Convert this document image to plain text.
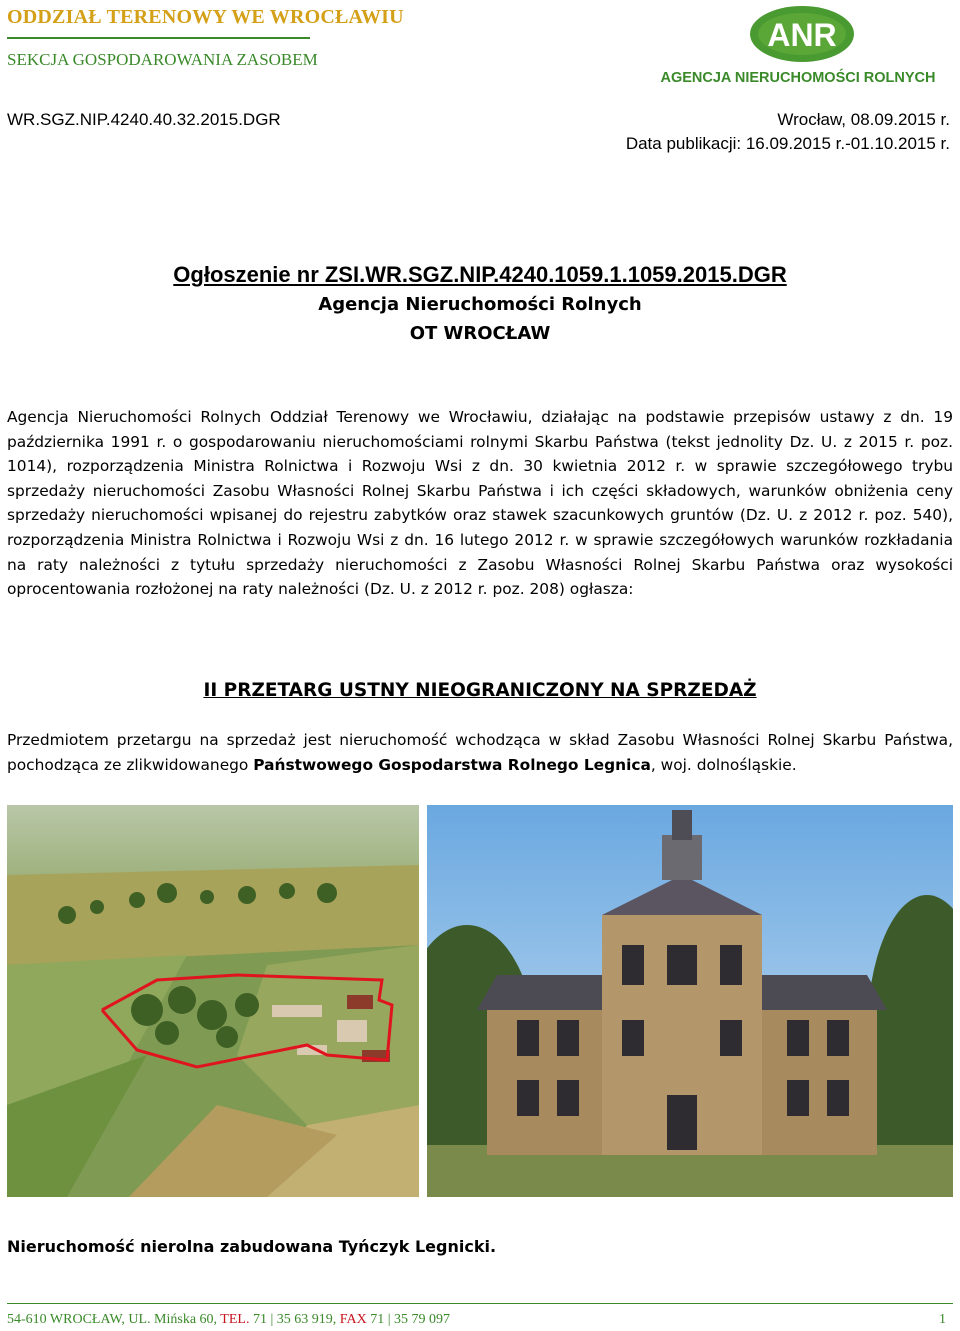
ODDZIAŁ TERENOWY WE WROCŁAWIU
SEKCJA GOSPODAROWANIA ZASOBEM
ANR
AGENCJA NIERUCHOMOŚCI ROLNYCH
WR.SGZ.NIP.4240.40.32.2015.DGR	Wrocław, 08.09.2015 r.
Data publikacji: 16.09.2015 r.-01.10.2015 r.
Ogłoszenie nr ZSI.WR.SGZ.NIP.4240.1059.1.1059.2015.DGR
Agencja Nieruchomości Rolnych
OT WROCŁAW
Agencja Nieruchomości Rolnych Oddział Terenowy we Wrocławiu, działając na podstawie przepisów ustawy z dn. 19 października 1991 r. o gospodarowaniu nieruchomościami rolnymi Skarbu Państwa (tekst jednolity Dz. U. z 2015 r. poz. 1014), rozporządzenia Ministra Rolnictwa i Rozwoju Wsi z dn. 30 kwietnia 2012 r. w sprawie szczegółowego trybu sprzedaży nieruchomości Zasobu Własności Rolnej Skarbu Państwa i ich części składowych, warunków obniżenia ceny sprzedaży nieruchomości wpisanej do rejestru zabytków oraz stawek szacunkowych gruntów (Dz. U. z 2012 r. poz. 540), rozporządzenia Ministra Rolnictwa i Rozwoju Wsi z dn. 16 lutego 2012 r. w sprawie szczegółowych warunków rozkładania na raty należności z tytułu sprzedaży nieruchomości z Zasobu Własności Rolnej Skarbu Państwa oraz wysokości oprocentowania rozłożonej na raty należności (Dz. U. z 2012 r. poz. 208) ogłasza:
II PRZETARG USTNY NIEOGRANICZONY NA SPRZEDAŻ
Przedmiotem przetargu na sprzedaż jest nieruchomość wchodząca w skład Zasobu Własności Rolnej Skarbu Państwa, pochodząca ze zlikwidowanego Państwowego Gospodarstwa Rolnego Legnica, woj. dolnośląskie.
Nieruchomość nierolna zabudowana Tyńczyk Legnicki.
54-610 WROCŁAW, UL. Mińska 60, TEL. 71 | 35 63 919, FAX 71 | 35 79 097	1
